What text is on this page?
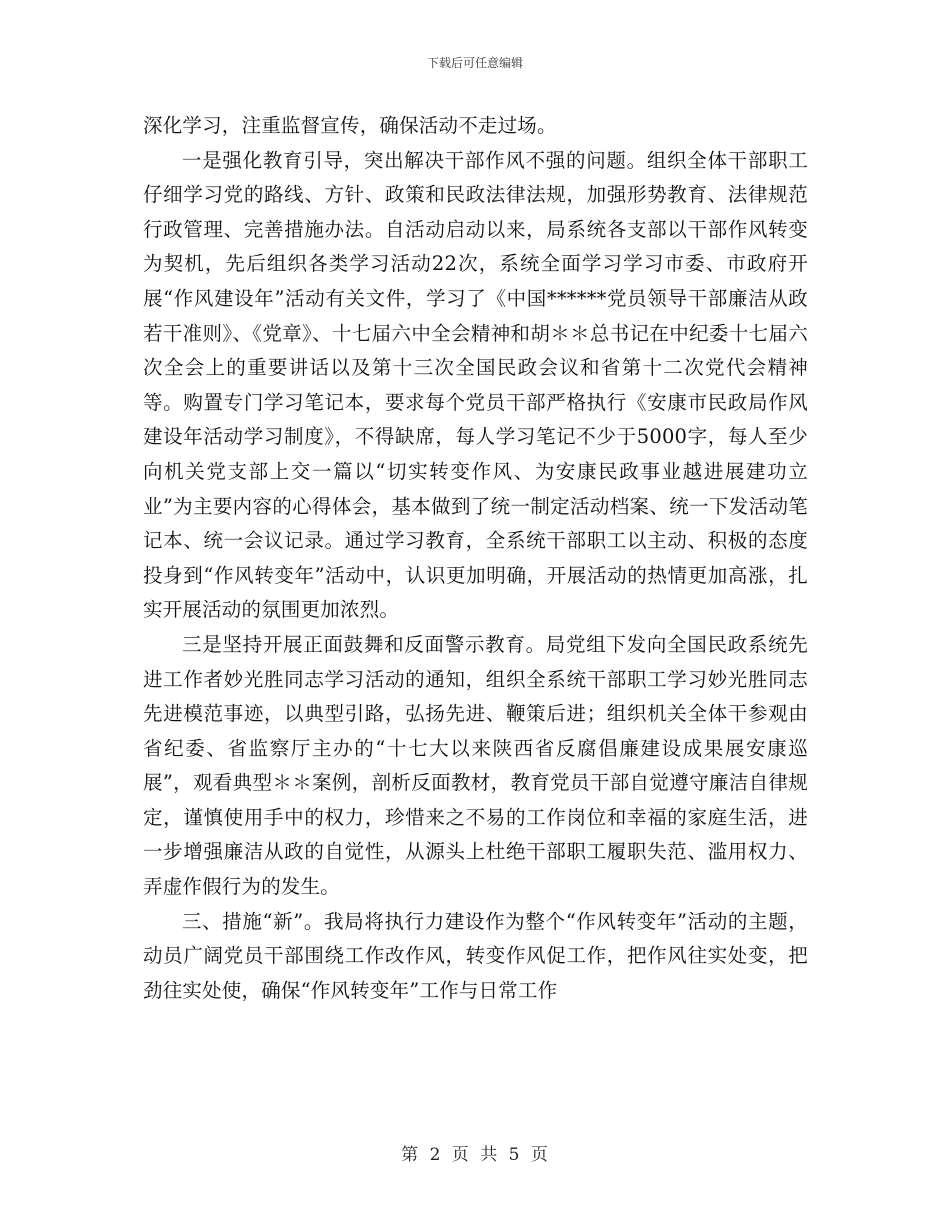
下载后可任意编辑

深化学习，注重监督宣传，确保活动不走过场。

一是强化教育引导，突出解决干部作风不强的问题。组织全体干部职工仔细学习党的路线、方针、政策和民政法律法规，加强形势教育、法律规范行政管理、完善措施办法。自活动启动以来，局系统各支部以干部作风转变为契机，先后组织各类学习活动22次，系统全面学习学习市委、市政府开展“作风建设年”活动有关文件，学习了《中国******党员领导干部廉洁从政若干准则》、《党章》、十七届六中全会精神和胡＊＊总书记在中纪委十七届六次全会上的重要讲话以及第十三次全国民政会议和省第十二次党代会精神等。购置专门学习笔记本，要求每个党员干部严格执行《安康市民政局作风建设年活动学习制度》，不得缺席，每人学习笔记不少于5000字，每人至少向机关党支部上交一篇以“切实转变作风、为安康民政事业越进展建功立业”为主要内容的心得体会，基本做到了统一制定活动档案、统一下发活动笔记本、统一会议记录。通过学习教育，全系统干部职工以主动、积极的态度投身到“作风转变年”活动中，认识更加明确，开展活动的热情更加高涨，扎实开展活动的氛围更加浓烈。

三是坚持开展正面鼓舞和反面警示教育。局党组下发向全国民政系统先进工作者妙光胜同志学习活动的通知，组织全系统干部职工学习妙光胜同志先进模范事迹，以典型引路，弘扬先进、鞭策后进；组织机关全体干参观由省纪委、省监察厅主办的“十七大以来陕西省反腐倡廉建设成果展安康巡展”，观看典型＊＊案例，剖析反面教材，教育党员干部自觉遵守廉洁自律规定，谨慎使用手中的权力，珍惜来之不易的工作岗位和幸福的家庭生活，进一步增强廉洁从政的自觉性，从源头上杜绝干部职工履职失范、滥用权力、弄虚作假行为的发生。

三、措施“新”。我局将执行力建设作为整个“作风转变年”活动的主题，动员广阔党员干部围绕工作改作风，转变作风促工作，把作风往实处变，把劲往实处使，确保“作风转变年”工作与日常工作

第 2 页 共 5 页
